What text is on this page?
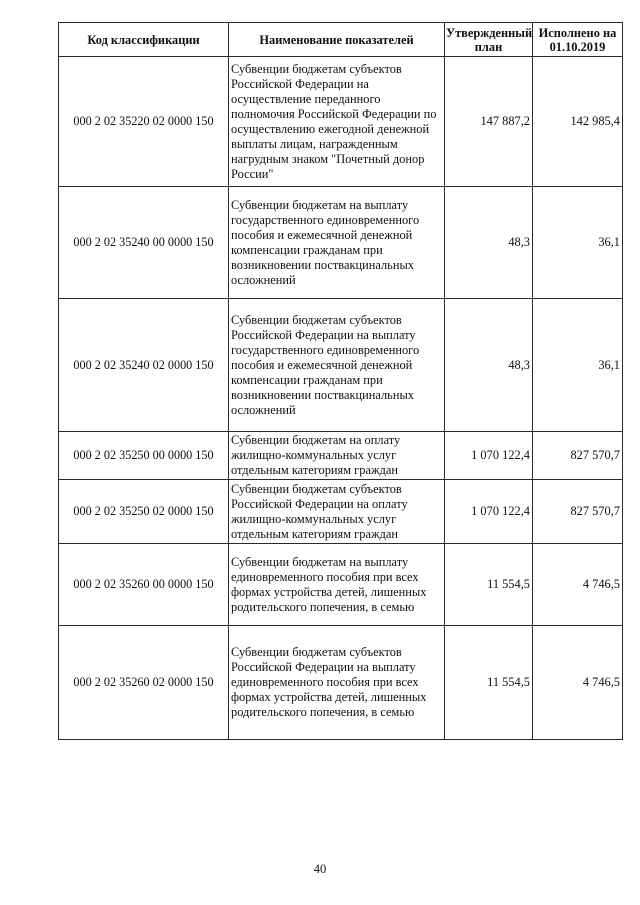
Код классификации	Наименование показателей	Утвержденный план	Исполнено на 01.10.2019
000 2 02 35220 02 0000 150	Субвенции бюджетам субъектов Российской Федерации на осуществление переданного полномочия Российской Федерации по осуществлению ежегодной денежной выплаты лицам, награжденным нагрудным знаком "Почетный донор России"	147 887,2	142 985,4
000 2 02 35240 00 0000 150	Субвенции бюджетам на выплату государственного единовременного пособия и ежемесячной денежной компенсации гражданам при возникновении поствакцинальных осложнений	48,3	36,1
000 2 02 35240 02 0000 150	Субвенции бюджетам субъектов Российской Федерации на выплату государственного единовременного пособия и ежемесячной денежной компенсации гражданам при возникновении поствакцинальных осложнений	48,3	36,1
000 2 02 35250 00 0000 150	Субвенции бюджетам на оплату жилищно-коммунальных услуг отдельным категориям граждан	1 070 122,4	827 570,7
000 2 02 35250 02 0000 150	Субвенции бюджетам субъектов Российской Федерации на оплату жилищно-коммунальных услуг отдельным категориям граждан	1 070 122,4	827 570,7
000 2 02 35260 00 0000 150	Субвенции бюджетам на выплату единовременного пособия при всех формах устройства детей, лишенных родительского попечения, в семью	11 554,5	4 746,5
000 2 02 35260 02 0000 150	Субвенции бюджетам субъектов Российской Федерации на выплату единовременного пособия при всех формах устройства детей, лишенных родительского попечения, в семью	11 554,5	4 746,5
40
